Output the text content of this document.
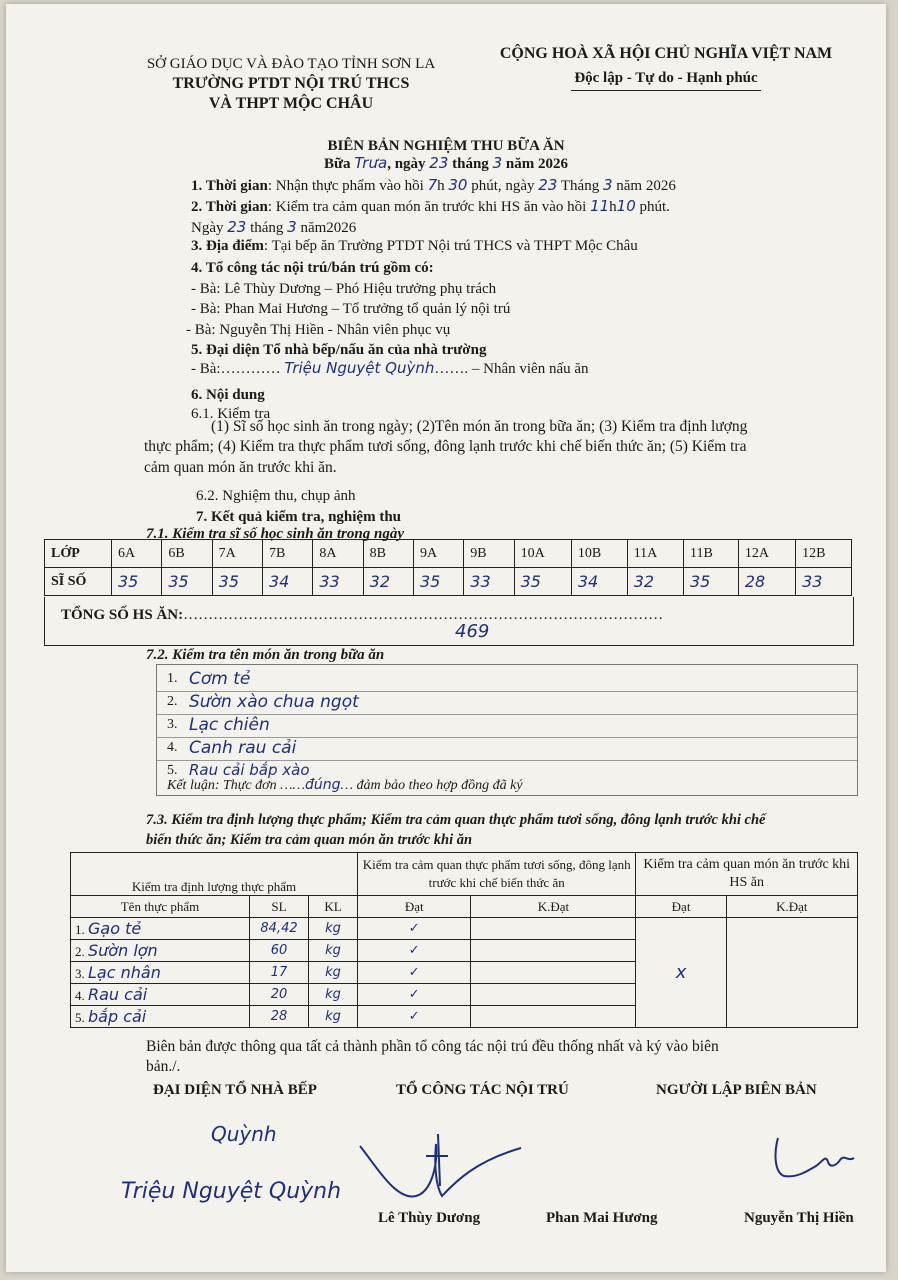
SỞ GIÁO DỤC VÀ ĐÀO TẠO TỈNH SƠN LA
TRƯỜNG PTDT NỘI TRÚ THCS
VÀ THPT MỘC CHÂU
CỘNG HOÀ XÃ HỘI CHỦ NGHĨA VIỆT NAM
Độc lập - Tự do - Hạnh phúc
BIÊN BẢN NGHIỆM THU BỮA ĂN
Bữa Trưa, ngày 23 tháng 3 năm 2026
1. Thời gian: Nhận thực phẩm vào hồi 7h 30 phút, ngày 23 Tháng 3 năm 2026
2. Thời gian: Kiểm tra cảm quan món ăn trước khi HS ăn vào hồi 11h10 phút.
Ngày 23 tháng 3 năm2026
3. Địa điểm: Tại bếp ăn Trường PTDT Nội trú THCS và THPT Mộc Châu
4. Tổ công tác nội trú/bán trú gồm có:
- Bà: Lê Thùy Dương – Phó Hiệu trưởng phụ trách
- Bà: Phan Mai Hương – Tổ trưởng tổ quản lý nội trú
- Bà: Nguyễn Thị Hiền - Nhân viên phục vụ
5. Đại diện Tổ nhà bếp/nấu ăn của nhà trường
- Bà:………… Triệu Nguyệt Quỳnh……. – Nhân viên nấu ăn
6. Nội dung
6.1. Kiểm tra
(1) Sĩ số học sinh ăn trong ngày; (2)Tên món ăn trong bữa ăn; (3) Kiểm tra định lượng
thực phẩm; (4) Kiểm tra thực phẩm tươi sống, đông lạnh trước khi chế biến thức ăn; (5) Kiểm tra
cảm quan món ăn trước khi ăn.
6.2. Nghiệm thu, chụp ảnh
7. Kết quả kiểm tra, nghiệm thu
7.1. Kiểm tra sĩ số học sinh ăn trong ngày
LỚP	6A	6B	7A	7B	8A	8B	9A	9B	10A	10B	11A	11B	12A	12B
SĨ SỐ	35	35	35	34	33	32	35	33	35	34	32	35	28	33
TỔNG SỐ HS ĂN:……………………………………………………………………………………
469
7.2. Kiểm tra tên món ăn trong bữa ăn
1. Cơm tẻ
2. Sườn xào chua ngọt
3. Lạc chiên
4. Canh rau cải
5. Rau cải bắp xào
Kết luận: Thực đơn ……đúng… đảm bảo theo hợp đồng đã ký
7.3. Kiểm tra định lượng thực phẩm; Kiểm tra cảm quan thực phẩm tươi sống, đông lạnh trước khi chế
biến thức ăn; Kiểm tra cảm quan món ăn trước khi ăn
Kiểm tra định lượng thực phẩm			Kiểm tra cảm quan thực phẩm tươi sống, đông lạnh trước khi chế biến thức ăn		Kiểm tra cảm quan món ăn trước khi HS ăn	
Tên thực phẩm	SL	KL	Đạt	K.Đạt	Đạt	K.Đạt
1. Gạo tẻ	84,42	kg	✓		x	
2. Sườn lợn	60	kg	✓			
3. Lạc nhân	17	kg	✓			
4. Rau cải	20	kg	✓			
5. bắp cải	28	kg	✓			
Biên bản được thông qua tất cả thành phần tổ công tác nội trú đều thống nhất và ký vào biên
bản./.
ĐẠI DIỆN TỔ NHÀ BẾP	TỔ CÔNG TÁC NỘI TRÚ	NGƯỜI LẬP BIÊN BẢN
Quỳnh
Triệu Nguyệt Quỳnh
Lê Thùy Dương	Phan Mai Hương	Nguyễn Thị Hiền
